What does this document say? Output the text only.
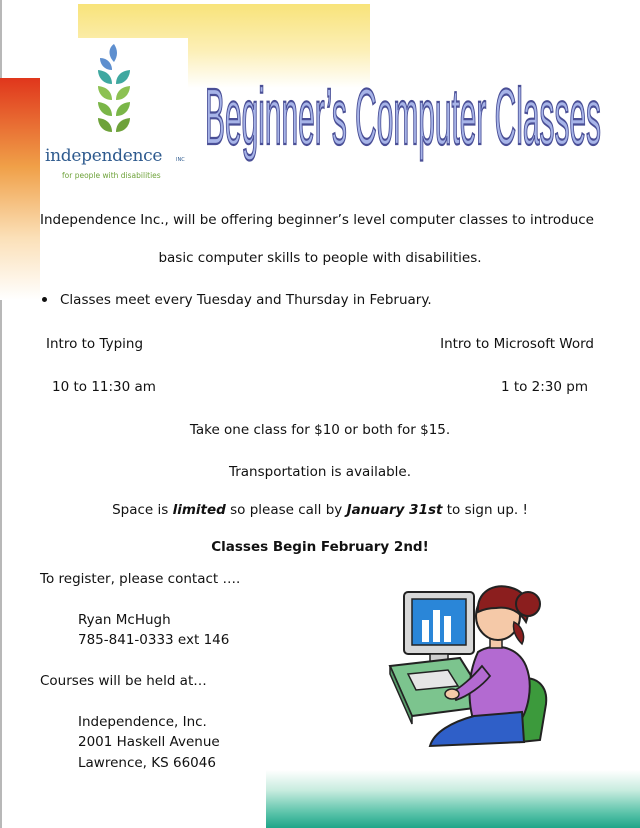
independence	INC
for people with disabilities
Beginner’s Computer Classes
Independence Inc., will be offering beginner’s level computer classes to introduce
basic computer skills to people with disabilities.
Classes meet every Tuesday and Thursday in February.
Intro to Typing	Intro to Microsoft Word
10 to 11:30 am	1 to 2:30 pm
Take one class for $10 or both for $15.
Transportation is available.
Space is limited so please call by January 31st to sign up. !
Classes Begin February 2nd!
To register, please contact ….
Ryan McHugh
785-841-0333 ext 146
Courses will be held at…
Independence, Inc.
2001 Haskell Avenue
Lawrence, KS 66046
